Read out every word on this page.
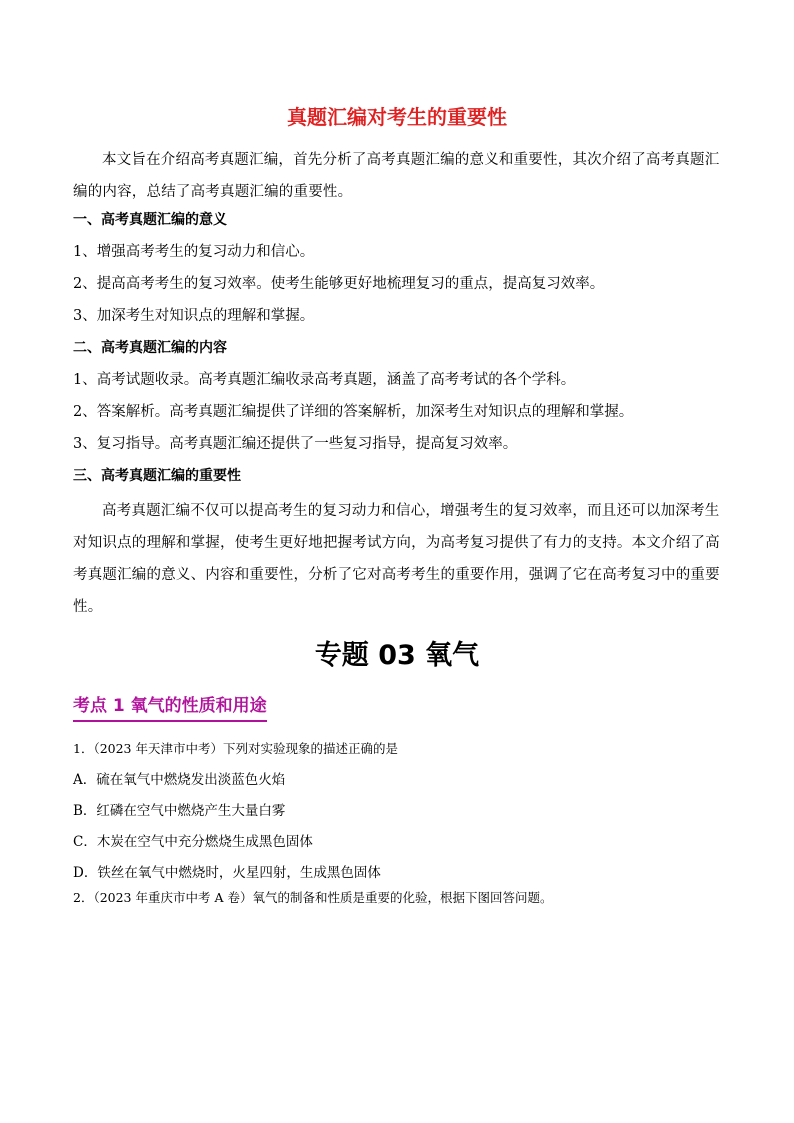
真题汇编对考生的重要性
本文旨在介绍高考真题汇编，首先分析了高考真题汇编的意义和重要性，其次介绍了高考真题汇编的内容，总结了高考真题汇编的重要性。
一、高考真题汇编的意义
1、增强高考考生的复习动力和信心。
2、提高高考考生的复习效率。使考生能够更好地梳理复习的重点，提高复习效率。
3、加深考生对知识点的理解和掌握。
二、高考真题汇编的内容
1、高考试题收录。高考真题汇编收录高考真题，涵盖了高考考试的各个学科。
2、答案解析。高考真题汇编提供了详细的答案解析，加深考生对知识点的理解和掌握。
3、复习指导。高考真题汇编还提供了一些复习指导，提高复习效率。
三、高考真题汇编的重要性
高考真题汇编不仅可以提高考生的复习动力和信心，增强考生的复习效率，而且还可以加深考生对知识点的理解和掌握，使考生更好地把握考试方向，为高考复习提供了有力的支持。本文介绍了高考真题汇编的意义、内容和重要性，分析了它对高考考生的重要作用，强调了它在高考复习中的重要性。
专题 03 氧气
考点 1 氧气的性质和用途
1．（2023 年天津市中考）下列对实验现象的描述正确的是
A．硫在氧气中燃烧发出淡蓝色火焰
B．红磷在空气中燃烧产生大量白雾
C．木炭在空气中充分燃烧生成黑色固体
D．铁丝在氧气中燃烧时，火星四射，生成黑色固体
2．（2023 年重庆市中考 A 卷）氧气的制备和性质是重要的化验，根据下图回答问题。
